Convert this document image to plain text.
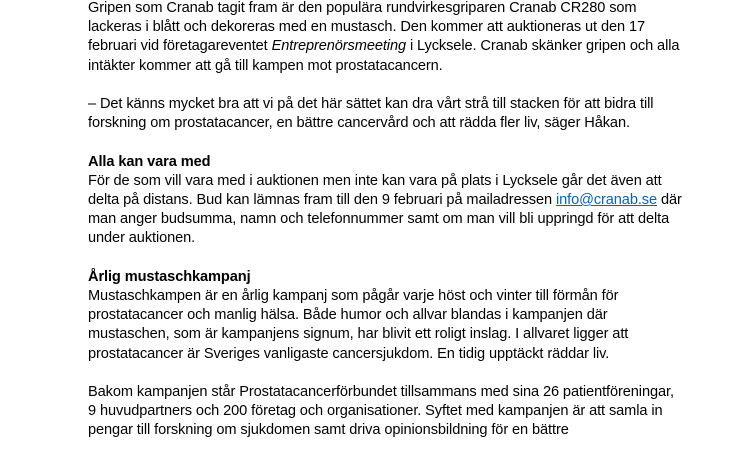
Gripen som Cranab tagit fram är den populära rundvirkesgriparen Cranab CR280 som
lackeras i blått och dekoreras med en mustasch. Den kommer att auktioneras ut den 17
februari vid företagareventet Entreprenörsmeeting i Lycksele. Cranab skänker gripen och alla
intäkter kommer att gå till kampen mot prostatacancern.

– Det känns mycket bra att vi på det här sättet kan dra vårt strå till stacken för att bidra till
forskning om prostatacancer, en bättre cancervård och att rädda fler liv, säger Håkan.

Alla kan vara med

För de som vill vara med i auktionen men inte kan vara på plats i Lycksele går det även att
delta på distans. Bud kan lämnas fram till den 9 februari på mailadressen info@cranab.se där
man anger budsumma, namn och telefonnummer samt om man vill bli uppringd för att delta
under auktionen.

Årlig mustaschkampanj

Mustaschkampen är en årlig kampanj som pågår varje höst och vinter till förmån för
prostatacancer och manlig hälsa. Både humor och allvar blandas i kampanjen där
mustaschen, som är kampanjens signum, har blivit ett roligt inslag. I allvaret ligger att
prostatacancer är Sveriges vanligaste cancersjukdom. En tidig upptäckt räddar liv.

Bakom kampanjen står Prostatacancerförbundet tillsammans med sina 26 patientföreningar,
9 huvudpartners och 200 företag och organisationer. Syftet med kampanjen är att samla in
pengar till forskning om sjukdomen samt driva opinionsbildning för en bättre
